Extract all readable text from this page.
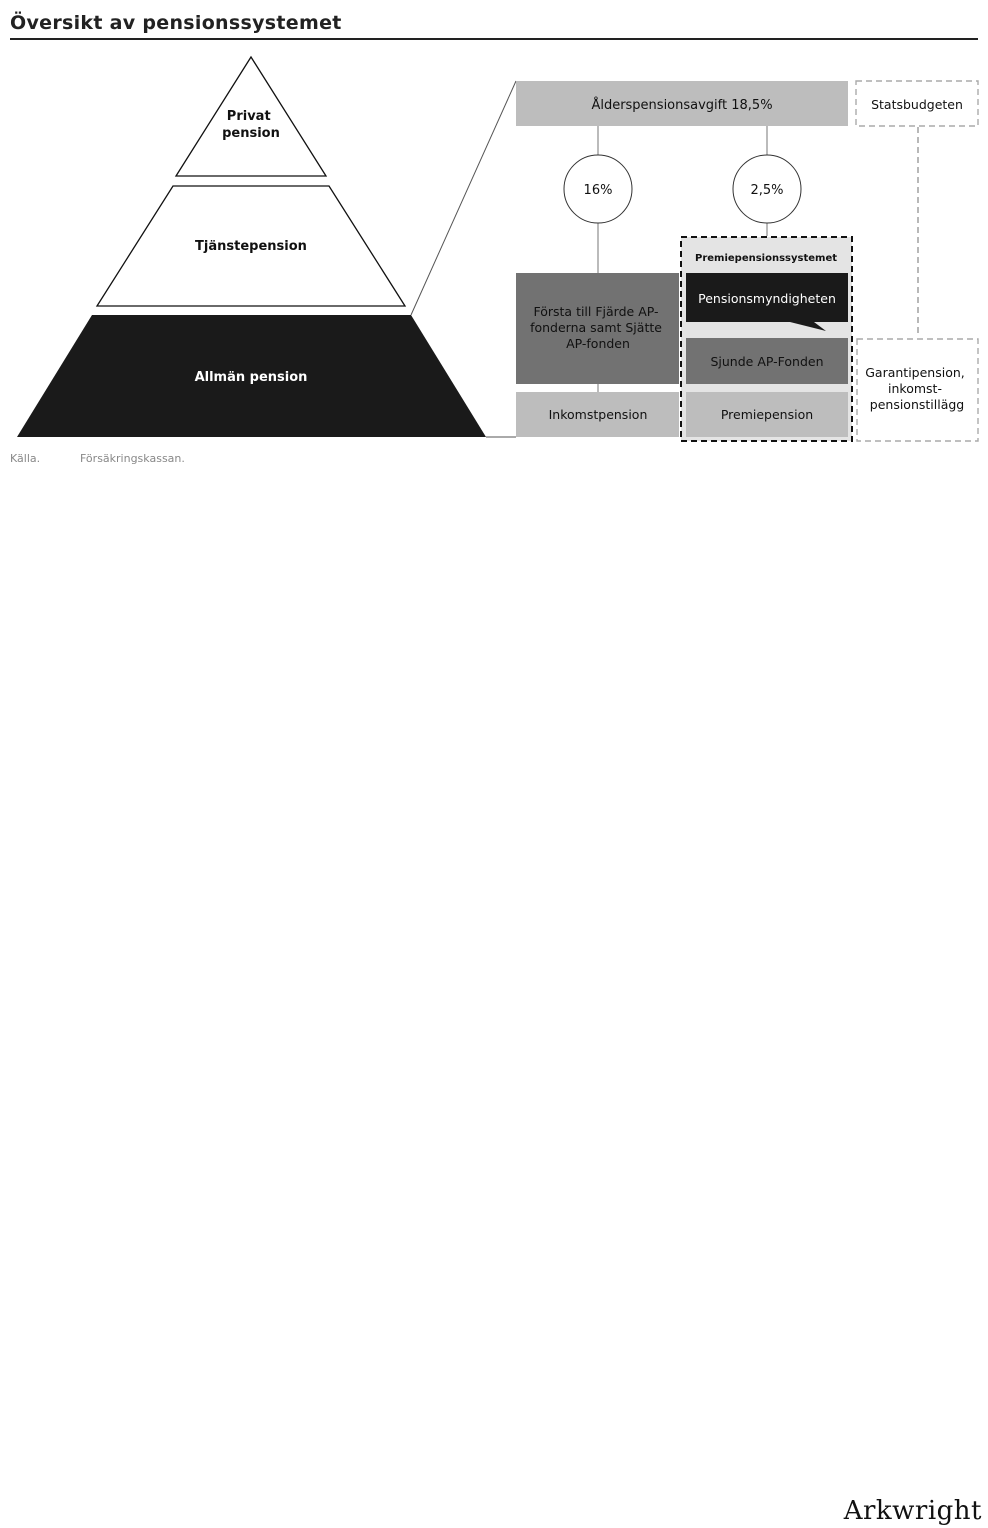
Översikt av pensionssystemet
Privat pension
Tjänstepension
Allmän pension
Ålderspensionsavgift 18,5%	Statsbudgeten
16%	2,5%
Premiepensionssystemet
Första till Fjärde AP- fonderna samt Sjätte AP-fonden
Pensionsmyndigheten
Sjunde AP-Fonden
Inkomstpension	Premiepension
Garantipension, inkomst- pensionstillägg
Källa.	Försäkringskassan.
Arkwright
